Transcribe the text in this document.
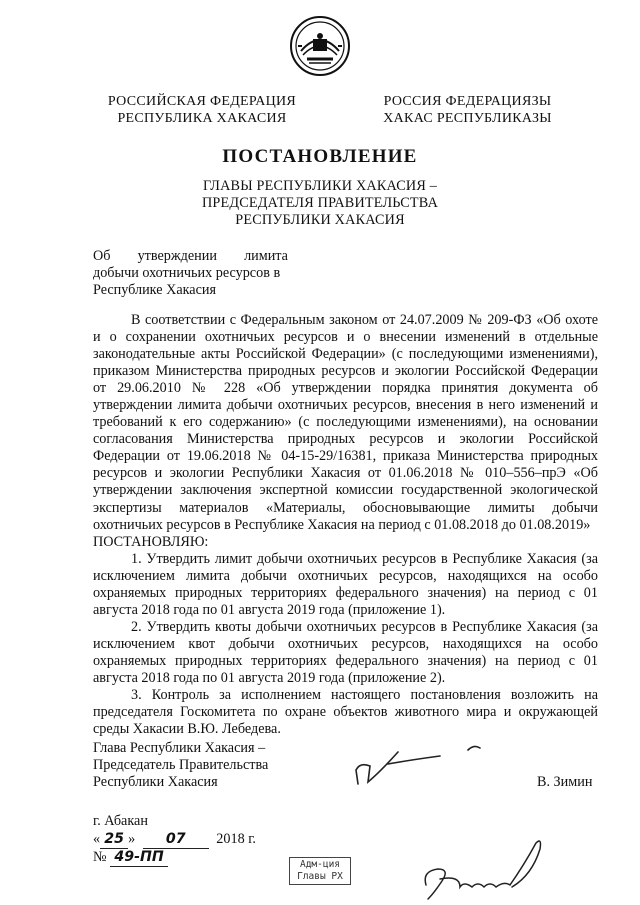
РОССИЙСКАЯ ФЕДЕРАЦИЯ
РЕСПУБЛИКА ХАКАСИЯ
РОССИЯ ФЕДЕРАЦИЯЗЫ
ХАКАС РЕСПУБЛИКАЗЫ
ПОСТАНОВЛЕНИЕ
ГЛАВЫ РЕСПУБЛИКИ ХАКАСИЯ –
ПРЕДСЕДАТЕЛЯ ПРАВИТЕЛЬСТВА
РЕСПУБЛИКИ ХАКАСИЯ
Об утверждении лимита
добычи охотничьих ресурсов в
Республике Хакасия

В соответствии с Федеральным законом от 24.07.2009 № 209-ФЗ «Об охоте и о сохранении охотничьих ресурсов и о внесении изменений в отдельные законодательные акты Российской Федерации» (с последующими изменениями), приказом Министерства природных ресурсов и экологии Российской Федерации от 29.06.2010 № 228 «Об утверждении порядка принятия документа об утверждении лимита добычи охотничьих ресурсов, внесения в него изменений и требований к его содержанию» (с последующими изменениями), на основании согласования Министерства природных ресурсов и экологии Российской Федерации от 19.06.2018 № 04-15-29/16381, приказа Министерства природных ресурсов и экологии Республики Хакасия от 01.06.2018 № 010–556–прЭ «Об утверждении заключения экспертной комиссии государственной экологической экспертизы материалов «Материалы, обосновывающие лимиты добычи охотничьих ресурсов в Республике Хакасия на период с 01.08.2018 до 01.08.2019»

ПОСТАНОВЛЯЮ:

1. Утвердить лимит добычи охотничьих ресурсов в Республике Хакасия (за исключением лимита добычи охотничьих ресурсов, находящихся на особо охраняемых природных территориях федерального значения) на период с 01 августа 2018 года по 01 августа 2019 года (приложение 1).

2. Утвердить квоты добычи охотничьих ресурсов в Республике Хакасия (за исключением квот добычи охотничьих ресурсов, находящихся на особо охраняемых природных территориях федерального значения) на период с 01 августа 2018 года по 01 августа 2019 года (приложение 2).

3. Контроль за исполнением настоящего постановления возложить на председателя Госкомитета по охране объектов животного мира и окружающей среды Хакасии В.Ю. Лебедева.

Глава Республики Хакасия –
Председатель Правительства
Республики Хакасия	В. Зимин
г. Абакан
« 25 » 07 2018 г.
№ 49-ПП	Адм-ция
Главы РХ
